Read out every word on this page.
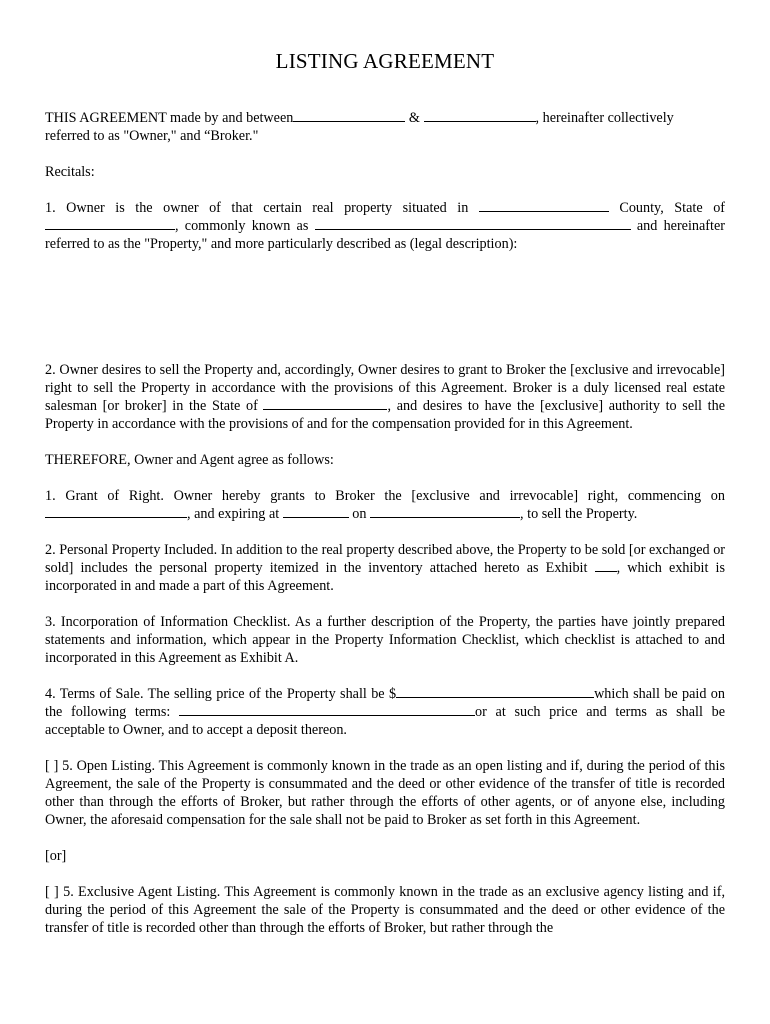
LISTING AGREEMENT

THIS AGREEMENT made by and between	&	, hereinafter collectively
referred to as "Owner," and “Broker."

Recitals:

1. Owner is the owner of that certain real property situated in	County, State of, commonly known as	and hereinafter referred to as the "Property," and more particularly described as (legal description):

2. Owner desires to sell the Property and, accordingly, Owner desires to grant to Broker the [exclusive and irrevocable] right to sell the Property in accordance with the provisions of this Agreement. Broker is a duly licensed real estate salesman [or broker] in the State of	, and desires to have the [exclusive] authority to sell the Property in accordance with the provisions of and for the compensation provided for in this Agreement.

THEREFORE, Owner and Agent agree as follows:

1. Grant of Right. Owner hereby grants to Broker the [exclusive and irrevocable] right, commencing on , and expiring at	on	, to sell the Property.

2. Personal Property Included. In addition to the real property described above, the Property to be sold [or exchanged or sold] includes the personal property itemized in the inventory attached hereto as Exhibit , which exhibit is incorporated in and made a part of this Agreement.

3. Incorporation of Information Checklist. As a further description of the Property, the parties have jointly prepared statements and information, which appear in the Property Information Checklist, which checklist is attached to and incorporated in this Agreement as Exhibit A.

4. Terms of Sale. The selling price of the Property shall be $	which shall be paid on the following terms:	or at such price and terms as shall be acceptable to Owner, and to accept a deposit thereon.

[ ] 5. Open Listing. This Agreement is commonly known in the trade as an open listing and if, during the period of this Agreement, the sale of the Property is consummated and the deed or other evidence of the transfer of title is recorded other than through the efforts of Broker, but rather through the efforts of other agents, or of anyone else, including Owner, the aforesaid compensation for the sale shall not be paid to Broker as set forth in this Agreement.

[or]

[ ] 5. Exclusive Agent Listing. This Agreement is commonly known in the trade as an exclusive agency listing and if, during the period of this Agreement the sale of the Property is consummated and the deed or other evidence of the transfer of title is recorded other than through the efforts of Broker, but rather through the
